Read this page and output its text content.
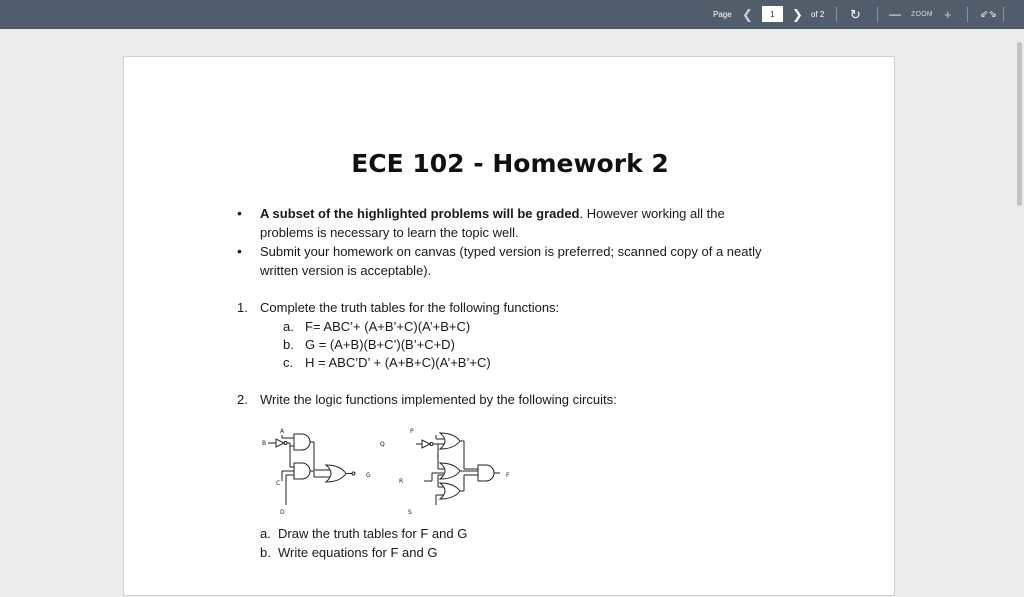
Page ❮
1	❯ of 2 ↻ — ZOOM +	⇙⇘
ECE 102 - Homework 2
• A subset of the highlighted problems will be graded. However working all the
problems is necessary to learn the topic well.
• Submit your homework on canvas (typed version is preferred; scanned copy of a neatly
written version is acceptable).
1. Complete the truth tables for the following functions:
a. F= ABC’+ (A+B’+C)(A’+B+C)
b. G = (A+B)(B+C’)(B’+C+D)
c. H = ABC’D’ + (A+B+C)(A’+B’+C)
2. Write the logic functions implemented by the following circuits:
A
B
C
D
G
P
Q
R
S
F
a. Draw the truth tables for F and G
b. Write equations for F and G
